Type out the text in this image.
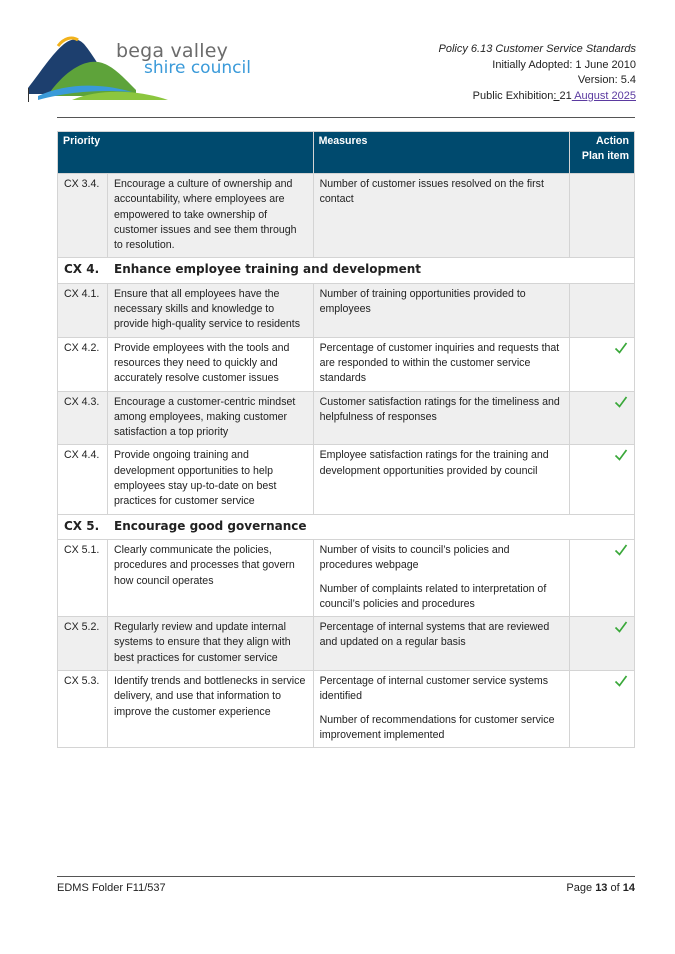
bega valley
shire council
Policy 6.13 Customer Service Standards
Initially Adopted: 1 June 2010
Version: 5.4
Public Exhibition: 21 August 2025
Priority		Measures	Action
Plan item
CX 3.4.	Encourage a culture of ownership and accountability, where employees are empowered to take ownership of customer issues and see them through to resolution.	Number of customer issues resolved on the first contact	
CX 4. Enhance employee training and development			
CX 4.1.	Ensure that all employees have the necessary skills and knowledge to provide high-quality service to residents	Number of training opportunities provided to employees	
CX 4.2.	Provide employees with the tools and resources they need to quickly and accurately resolve customer issues	Percentage of customer inquiries and requests that are responded to within the customer service standards	
CX 4.3.	Encourage a customer-centric mindset among employees, making customer satisfaction a top priority	Customer satisfaction ratings for the timeliness and helpfulness of responses	
CX 4.4.	Provide ongoing training and development opportunities to help employees stay up-to-date on best practices for customer service	Employee satisfaction ratings for the training and development opportunities provided by council	
CX 5. Encourage good governance			
CX 5.1.	Clearly communicate the policies, procedures and processes that govern how council operates	Number of visits to council’s policies and procedures webpage
Number of complaints related to interpretation of council’s policies and procedures	
CX 5.2.	Regularly review and update internal systems to ensure that they align with best practices for customer service	Percentage of internal systems that are reviewed and updated on a regular basis	
CX 5.3.	Identify trends and bottlenecks in service delivery, and use that information to improve the customer experience	Percentage of internal customer service systems identified
Number of recommendations for customer service improvement implemented	
EDMS Folder F11/537	Page 13 of 14
